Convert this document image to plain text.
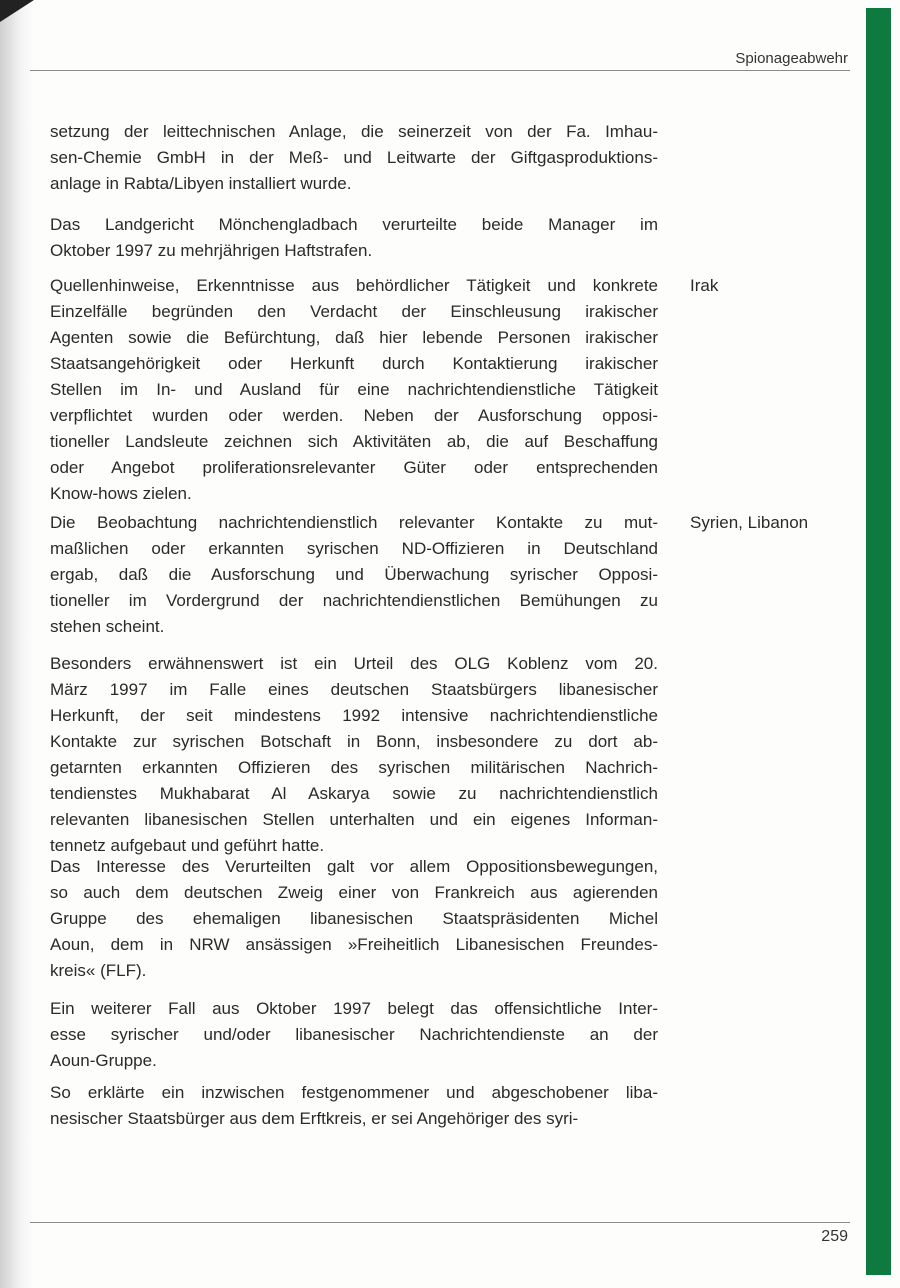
Spionageabwehr
259
Irak
Syrien, Libanon
setzung der leittechnischen Anlage, die seinerzeit von der Fa. Imhau-
sen-Chemie GmbH in der Meß- und Leitwarte der Giftgasproduktions-
anlage in Rabta/Libyen installiert wurde.
Das Landgericht Mönchengladbach verurteilte beide Manager im
Oktober 1997 zu mehrjährigen Haftstrafen.
Quellenhinweise, Erkenntnisse aus behördlicher Tätigkeit und konkrete
Einzelfälle begründen den Verdacht der Einschleusung irakischer
Agenten sowie die Befürchtung, daß hier lebende Personen irakischer
Staatsangehörigkeit oder Herkunft durch Kontaktierung irakischer
Stellen im In- und Ausland für eine nachrichtendienstliche Tätigkeit
verpflichtet wurden oder werden. Neben der Ausforschung opposi-
tioneller Landsleute zeichnen sich Aktivitäten ab, die auf Beschaffung
oder Angebot proliferationsrelevanter Güter oder entsprechenden
Know-hows zielen.
Die Beobachtung nachrichtendienstlich relevanter Kontakte zu mut-
maßlichen oder erkannten syrischen ND-Offizieren in Deutschland
ergab, daß die Ausforschung und Überwachung syrischer Opposi-
tioneller im Vordergrund der nachrichtendienstlichen Bemühungen zu
stehen scheint.
Besonders erwähnenswert ist ein Urteil des OLG Koblenz vom 20.
März 1997 im Falle eines deutschen Staatsbürgers libanesischer
Herkunft, der seit mindestens 1992 intensive nachrichtendienstliche
Kontakte zur syrischen Botschaft in Bonn, insbesondere zu dort ab-
getarnten erkannten Offizieren des syrischen militärischen Nachrich-
tendienstes Mukhabarat Al Askarya sowie zu nachrichtendienstlich
relevanten libanesischen Stellen unterhalten und ein eigenes Informan-
tennetz aufgebaut und geführt hatte.
Das Interesse des Verurteilten galt vor allem Oppositionsbewegungen,
so auch dem deutschen Zweig einer von Frankreich aus agierenden
Gruppe des ehemaligen libanesischen Staatspräsidenten Michel
Aoun, dem in NRW ansässigen »Freiheitlich Libanesischen Freundes-
kreis« (FLF).
Ein weiterer Fall aus Oktober 1997 belegt das offensichtliche Inter-
esse syrischer und/oder libanesischer Nachrichtendienste an der
Aoun-Gruppe.
So erklärte ein inzwischen festgenommener und abgeschobener liba-
nesischer Staatsbürger aus dem Erftkreis, er sei Angehöriger des syri-
